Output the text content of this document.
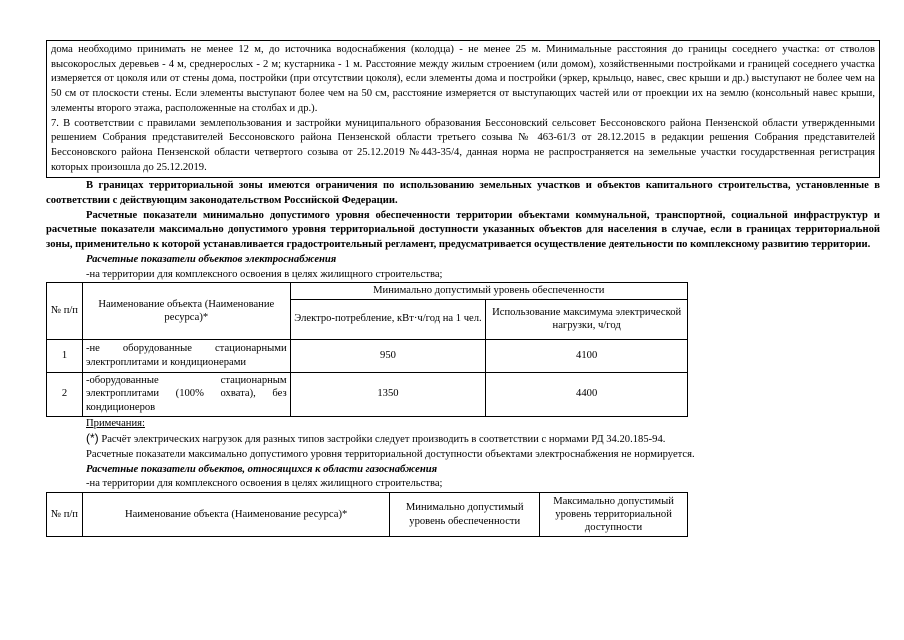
дома необходимо принимать не менее 12 м, до источника водоснабжения (колодца) - не менее 25 м. Минимальные расстояния до границы соседнего участка: от стволов высокорослых деревьев - 4 м, среднерослых - 2 м; кустарника - 1 м. Расстояние между жилым строением (или домом), хозяйственными постройками и границей соседнего участка измеряется от цоколя или от стены дома, постройки (при отсутствии цоколя), если элементы дома и постройки (эркер, крыльцо, навес, свес крыши и др.) выступают не более чем на 50 см от плоскости стены. Если элементы выступают более чем на 50 см, расстояние измеряется от выступающих частей или от проекции их на землю (консольный навес крыши, элементы второго этажа, расположенные на столбах и др.).

7. В соответствии с правилами землепользования и застройки муниципального образования Бессоновский сельсовет Бессоновского района Пензенской области утвержденными решением Собрания представителей Бессоновского района Пензенской области третьего созыва № 463-61/3 от 28.12.2015 в редакции решения Собрания представителей Бессоновского района Пензенской области четвертого созыва от 25.12.2019 №443-35/4, данная норма не распространяется на земельные участки государственная регистрация которых произошла до 25.12.2019.

В границах территориальной зоны имеются ограничения по использованию земельных участков и объектов капитального строительства, установленные в соответствии с действующим законодательством Российской Федерации.

Расчетные показатели минимально допустимого уровня обеспеченности территории объектами коммунальной, транспортной, социальной инфраструктур и расчетные показатели максимально допустимого уровня территориальной доступности указанных объектов для населения в случае, если в границах территориальной зоны, применительно к которой устанавливается градостроительный регламент, предусматривается осуществление деятельности по комплексному развитию территории.

Расчетные показатели объектов электроснабжения

-на территории для комплексного освоения в целях жилищного строительства;

№ п/п	Наименование объекта (Наименование ресурса)*	Минимально допустимый уровень обеспеченности	
		Электро-потребление, кВт·ч/год на 1 чел.	Использование максимума электрической нагрузки, ч/год
1	-не оборудованные стационарными электроплитами и кондиционерами	950	4100
2	-оборудованные стационарным электроплитами (100% охвата), без кондиционеров	1350	4400

Примечания:

(*) Расчёт электрических нагрузок для разных типов застройки следует производить в соответствии с нормами РД 34.20.185-94.

Расчетные показатели максимально допустимого уровня территориальной доступности объектами электроснабжения не нормируется.

Расчетные показатели объектов, относящихся к области газоснабжения

-на территории для комплексного освоения в целях жилищного строительства;

№ п/п	Наименование объекта (Наименование ресурса)*	Минимально допустимый уровень обеспеченности	Максимально допустимый уровень территориальной доступности
